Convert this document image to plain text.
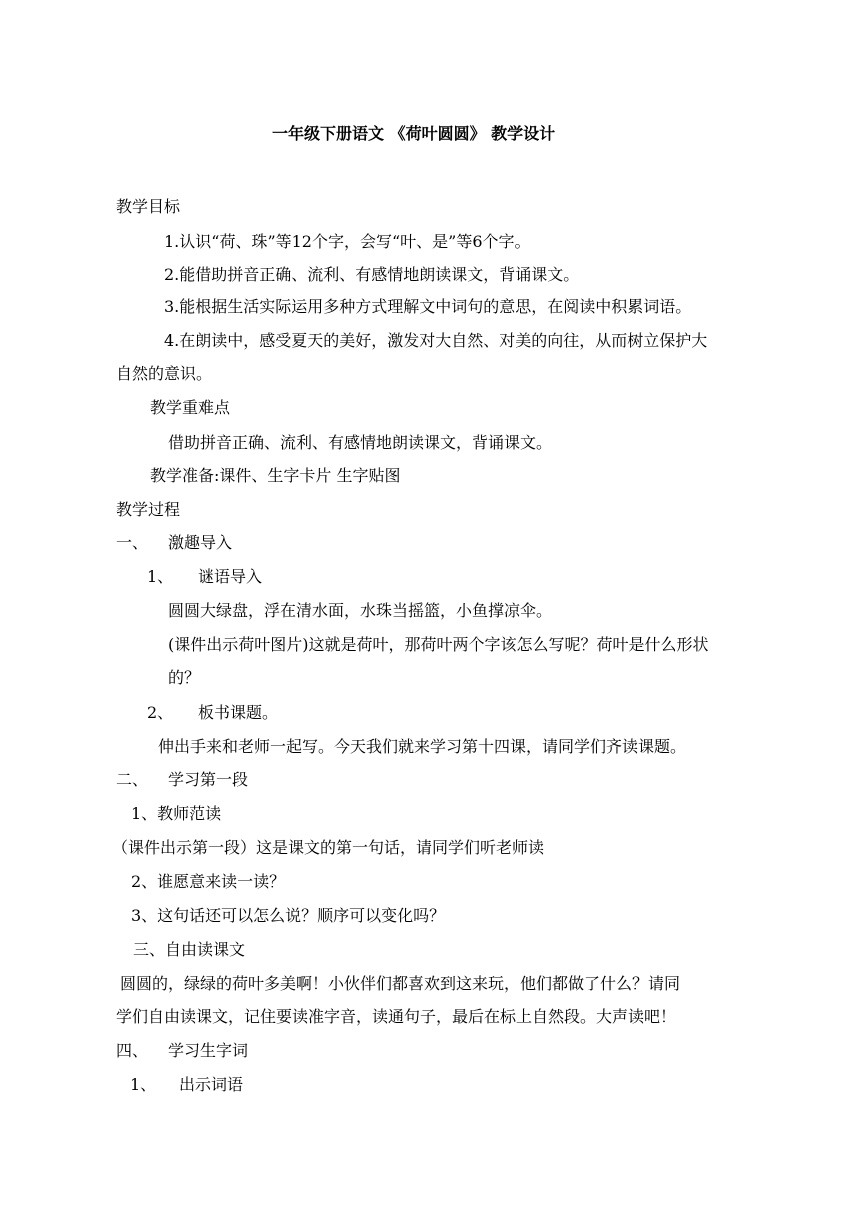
一年级下册语文 《荷叶圆圆》 教学设计
教学目标
1.认识“荷、珠”等12个字，会写“叶、是”等6个字。
2.能借助拼音正确、流利、有感情地朗读课文，背诵课文。
3.能根据生活实际运用多种方式理解文中词句的意思，在阅读中积累词语。
4.在朗读中，感受夏天的美好，激发对大自然、对美的向往，从而树立保护大
自然的意识。
教学重难点
借助拼音正确、流利、有感情地朗读课文，背诵课文。
教学准备:课件、生字卡片 生字贴图
教学过程
一、 激趣导入
1、 谜语导入
圆圆大绿盘，浮在清水面，水珠当摇篮，小鱼撑凉伞。
(课件出示荷叶图片)这就是荷叶，那荷叶两个字该怎么写呢？荷叶是什么形状
的？
2、 板书课题。
伸出手来和老师一起写。今天我们就来学习第十四课，请同学们齐读课题。
二、 学习第一段
1、教师范读
（课件出示第一段）这是课文的第一句话，请同学们听老师读
2、谁愿意来读一读？
3、这句话还可以怎么说？顺序可以变化吗？
三、自由读课文
圆圆的，绿绿的荷叶多美啊！小伙伴们都喜欢到这来玩，他们都做了什么？请同
学们自由读课文，记住要读准字音，读通句子，最后在标上自然段。大声读吧！
四、 学习生字词
1、 出示词语
